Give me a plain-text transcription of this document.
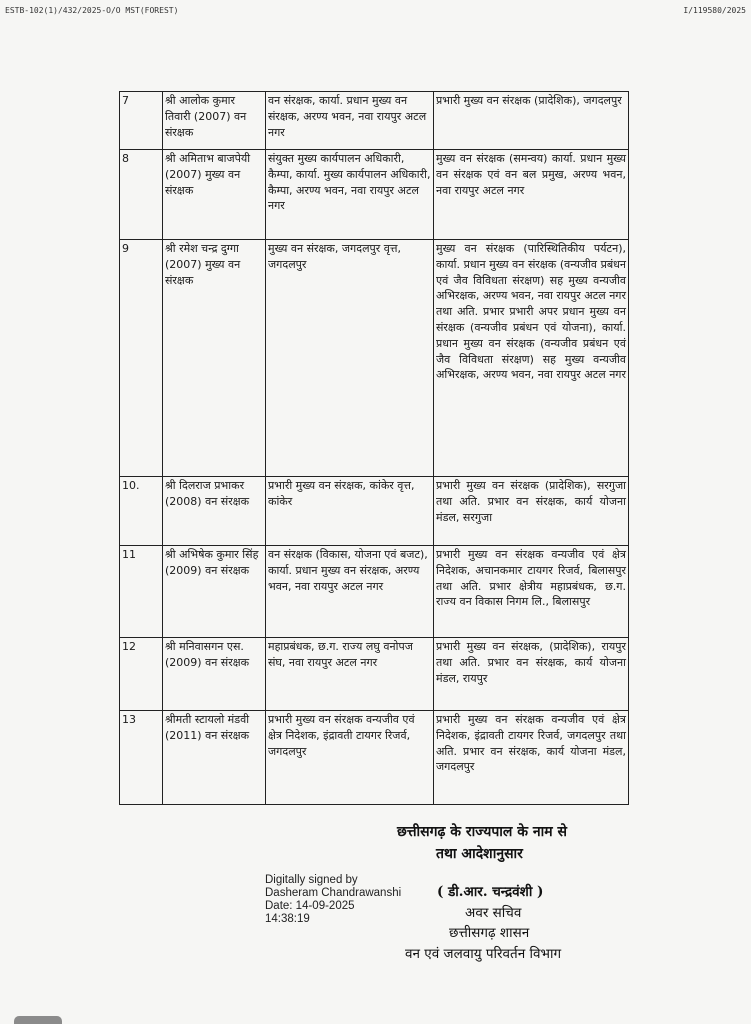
ESTB-102(1)/432/2025-O/O MST(FOREST)	I/119580/2025
7	श्री आलोक कुमार तिवारी (2007) वन संरक्षक	वन संरक्षक, कार्या. प्रधान मुख्य वन संरक्षक, अरण्य भवन, नवा रायपुर अटल नगर	प्रभारी मुख्य वन संरक्षक (प्रादेशिक), जगदलपुर
8	श्री अमिताभ बाजपेयी (2007) मुख्य वन संरक्षक	संयुक्त मुख्य कार्यपालन अधिकारी, कैम्पा, कार्या. मुख्य कार्यपालन अधिकारी, कैम्पा, अरण्य भवन, नवा रायपुर अटल नगर	मुख्य वन संरक्षक (समन्वय) कार्या. प्रधान मुख्य वन संरक्षक एवं वन बल प्रमुख, अरण्य भवन, नवा रायपुर अटल नगर
9	श्री रमेश चन्द्र दुग्गा (2007) मुख्य वन संरक्षक	मुख्य वन संरक्षक, जगदलपुर वृत्त, जगदलपुर	मुख्य वन संरक्षक (पारिस्थितिकीय पर्यटन), कार्या. प्रधान मुख्य वन संरक्षक (वन्यजीव प्रबंधन एवं जैव विविधता संरक्षण) सह मुख्य वन्यजीव अभिरक्षक, अरण्य भवन, नवा रायपुर अटल नगर तथा अति. प्रभार प्रभारी अपर प्रधान मुख्य वन संरक्षक (वन्यजीव प्रबंधन एवं योजना), कार्या. प्रधान मुख्य वन संरक्षक (वन्यजीव प्रबंधन एवं जैव विविधता संरक्षण) सह मुख्य वन्यजीव अभिरक्षक, अरण्य भवन, नवा रायपुर अटल नगर
10.	श्री दिलराज प्रभाकर (2008) वन संरक्षक	प्रभारी मुख्य वन संरक्षक, कांकेर वृत्त, कांकेर	प्रभारी मुख्य वन संरक्षक (प्रादेशिक), सरगुजा तथा अति. प्रभार वन संरक्षक, कार्य योजना मंडल, सरगुजा
11	श्री अभिषेक कुमार सिंह (2009) वन संरक्षक	वन संरक्षक (विकास, योजना एवं बजट), कार्या. प्रधान मुख्य वन संरक्षक, अरण्य भवन, नवा रायपुर अटल नगर	प्रभारी मुख्य वन संरक्षक वन्यजीव एवं क्षेत्र निदेशक, अचानकमार टायगर रिजर्व, बिलासपुर तथा अति. प्रभार क्षेत्रीय महाप्रबंधक, छ.ग. राज्य वन विकास निगम लि., बिलासपुर
12	श्री मनिवासगन एस. (2009) वन संरक्षक	महाप्रबंधक, छ.ग. राज्य लघु वनोपज संघ, नवा रायपुर अटल नगर	प्रभारी मुख्य वन संरक्षक, (प्रादेशिक), रायपुर तथा अति. प्रभार वन संरक्षक, कार्य योजना मंडल, रायपुर
13	श्रीमती स्टायलो मंडवी (2011) वन संरक्षक	प्रभारी मुख्य वन संरक्षक वन्यजीव एवं क्षेत्र निदेशक, इंद्रावती टायगर रिजर्व, जगदलपुर	प्रभारी मुख्य वन संरक्षक वन्यजीव एवं क्षेत्र निदेशक, इंद्रावती टायगर रिजर्व, जगदलपुर तथा अति. प्रभार वन संरक्षक, कार्य योजना मंडल, जगदलपुर
छत्तीसगढ़ के राज्यपाल के नाम से
तथा आदेशानुसार
Digitally signed by
Dasheram Chandrawanshi
Date: 14-09-2025
14:38:19
( डी.आर. चन्द्रवंशी )
अवर सचिव
छत्तीसगढ़ शासन
वन एवं जलवायु परिवर्तन विभाग
